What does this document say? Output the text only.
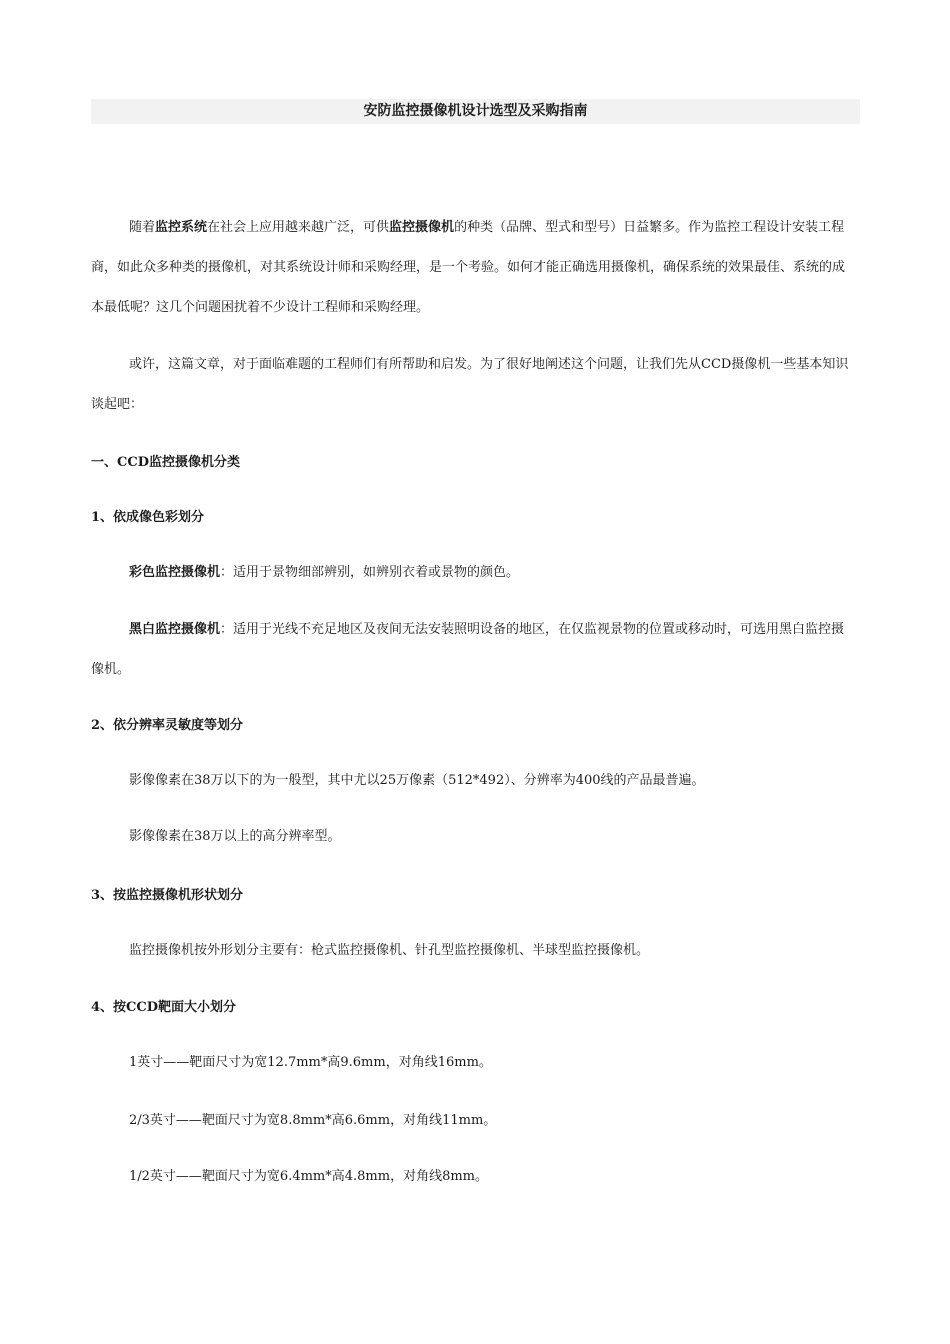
安防监控摄像机设计选型及采购指南
随着监控系统在社会上应用越来越广泛，可供监控摄像机的种类（品牌、型式和型号）日益繁多。作为监控工程设计安装工程商，如此众多种类的摄像机，对其系统设计师和采购经理，是一个考验。如何才能正确选用摄像机，确保系统的效果最佳、系统的成本最低呢？这几个问题困扰着不少设计工程师和采购经理。
或许，这篇文章，对于面临难题的工程师们有所帮助和启发。为了很好地阐述这个问题，让我们先从CCD摄像机一些基本知识谈起吧：
一、CCD监控摄像机分类
1、依成像色彩划分
彩色监控摄像机：适用于景物细部辨别，如辨别衣着或景物的颜色。
黑白监控摄像机：适用于光线不充足地区及夜间无法安装照明设备的地区，在仅监视景物的位置或移动时，可选用黑白监控摄像机。
2、依分辨率灵敏度等划分
影像像素在38万以下的为一般型，其中尤以25万像素（512*492）、分辨率为400线的产品最普遍。
影像像素在38万以上的高分辨率型。
3、按监控摄像机形状划分
监控摄像机按外形划分主要有：枪式监控摄像机、针孔型监控摄像机、半球型监控摄像机。
4、按CCD靶面大小划分
1英寸——靶面尺寸为宽12.7mm*高9.6mm，对角线16mm。
2/3英寸——靶面尺寸为宽8.8mm*高6.6mm，对角线11mm。
1/2英寸——靶面尺寸为宽6.4mm*高4.8mm，对角线8mm。
